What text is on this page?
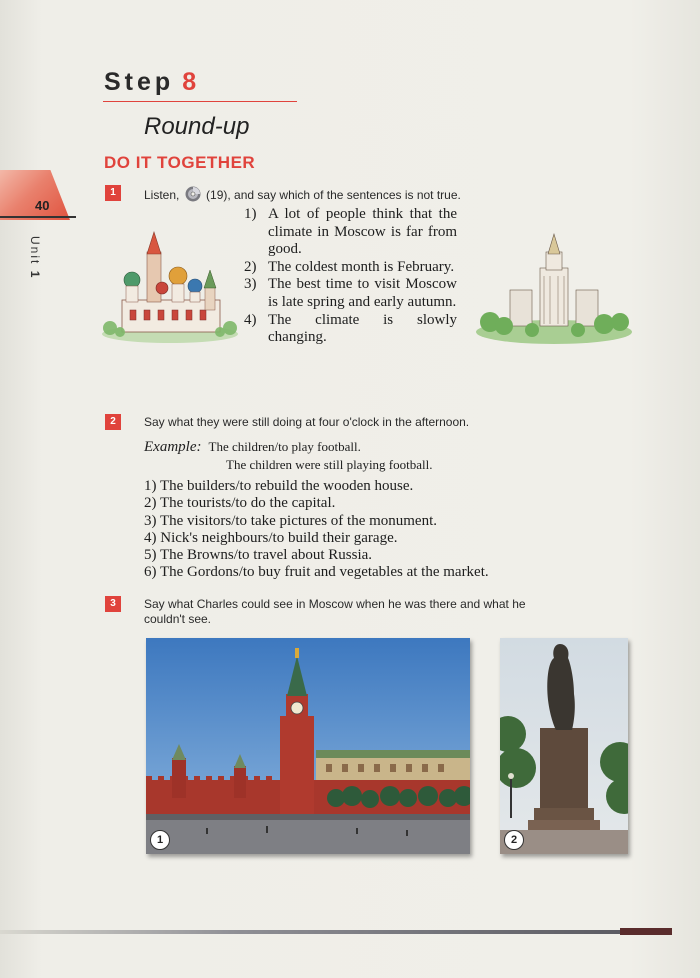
Step 8
Round-up
DO IT TOGETHER
40
Unit 1
1	Listen, (19), and say which of the sentences is not true.
1) A lot of people think that the climate in Moscow is far from good.
2) The coldest month is February.
3) The best time to visit Moscow is late spring and early autumn.
4) The climate is slowly changing.
2	Say what they were still doing at four o'clock in the afternoon.
Example: The children/to play football.
The children were still playing football.
1) The builders/to rebuild the wooden house.
2) The tourists/to do the capital.
3) The visitors/to take pictures of the monument.
4) Nick's neighbours/to build their garage.
5) The Browns/to travel about Russia.
6) The Gordons/to buy fruit and vegetables at the market.
3	Say what Charles could see in Moscow when he was there and what he
couldn't see.
1	2
